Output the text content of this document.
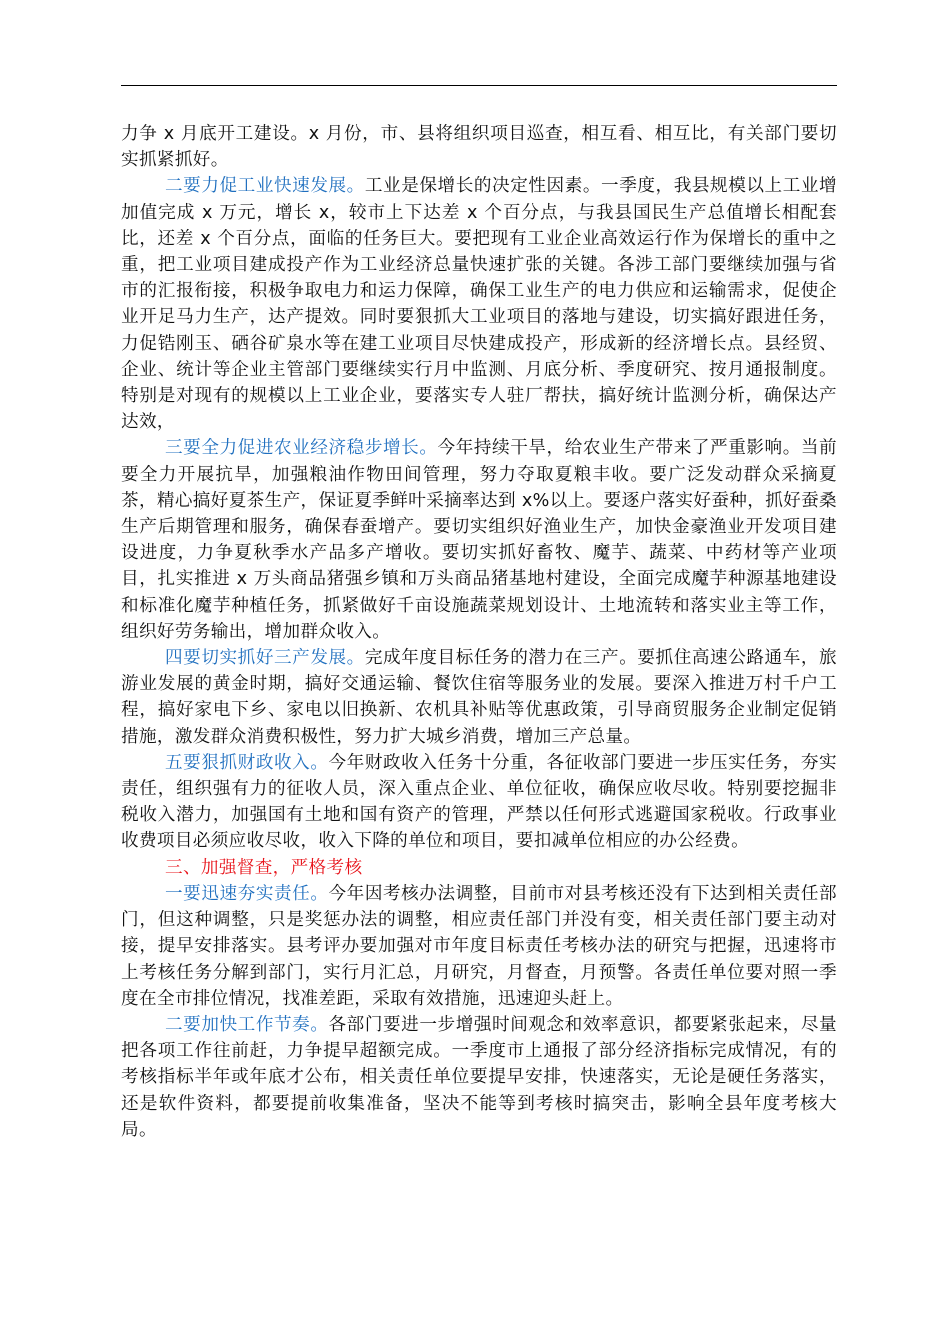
力争 x 月底开工建设。x 月份，市、县将组织项目巡查，相互看、相互比，有关部门要切实抓紧抓好。

二要力促工业快速发展。工业是保增长的决定性因素。一季度，我县规模以上工业增加值完成 x 万元，增长 x，较市上下达差 x 个百分点，与我县国民生产总值增长相配套比，还差 x 个百分点，面临的任务巨大。要把现有工业企业高效运行作为保增长的重中之重，把工业项目建成投产作为工业经济总量快速扩张的关键。各涉工部门要继续加强与省市的汇报衔接，积极争取电力和运力保障，确保工业生产的电力供应和运输需求，促使企业开足马力生产，达产提效。同时要狠抓大工业项目的落地与建设，切实搞好跟进任务，力促锆刚玉、硒谷矿泉水等在建工业项目尽快建成投产，形成新的经济增长点。县经贸、企业、统计等企业主管部门要继续实行月中监测、月底分析、季度研究、按月通报制度。特别是对现有的规模以上工业企业，要落实专人驻厂帮扶，搞好统计监测分析，确保达产达效，

三要全力促进农业经济稳步增长。今年持续干旱，给农业生产带来了严重影响。当前要全力开展抗旱，加强粮油作物田间管理，努力夺取夏粮丰收。要广泛发动群众采摘夏茶，精心搞好夏茶生产，保证夏季鲜叶采摘率达到 x%以上。要逐户落实好蚕种，抓好蚕桑生产后期管理和服务，确保春蚕增产。要切实组织好渔业生产，加快金豪渔业开发项目建设进度，力争夏秋季水产品多产增收。要切实抓好畜牧、魔芋、蔬菜、中药材等产业项目，扎实推进 x 万头商品猪强乡镇和万头商品猪基地村建设，全面完成魔芋种源基地建设和标准化魔芋种植任务，抓紧做好千亩设施蔬菜规划设计、土地流转和落实业主等工作，组织好劳务输出，增加群众收入。

四要切实抓好三产发展。完成年度目标任务的潜力在三产。要抓住高速公路通车，旅游业发展的黄金时期，搞好交通运输、餐饮住宿等服务业的发展。要深入推进万村千户工程，搞好家电下乡、家电以旧换新、农机具补贴等优惠政策，引导商贸服务企业制定促销措施，激发群众消费积极性，努力扩大城乡消费，增加三产总量。

五要狠抓财政收入。今年财政收入任务十分重，各征收部门要进一步压实任务，夯实责任，组织强有力的征收人员，深入重点企业、单位征收，确保应收尽收。特别要挖掘非税收入潜力，加强国有土地和国有资产的管理，严禁以任何形式逃避国家税收。行政事业收费项目必须应收尽收，收入下降的单位和项目，要扣减单位相应的办公经费。

三、加强督查，严格考核

一要迅速夯实责任。今年因考核办法调整，目前市对县考核还没有下达到相关责任部门，但这种调整，只是奖惩办法的调整，相应责任部门并没有变，相关责任部门要主动对接，提早安排落实。县考评办要加强对市年度目标责任考核办法的研究与把握，迅速将市上考核任务分解到部门，实行月汇总，月研究，月督查，月预警。各责任单位要对照一季度在全市排位情况，找准差距，采取有效措施，迅速迎头赶上。

二要加快工作节奏。各部门要进一步增强时间观念和效率意识，都要紧张起来，尽量把各项工作往前赶，力争提早超额完成。一季度市上通报了部分经济指标完成情况，有的考核指标半年或年底才公布，相关责任单位要提早安排，快速落实，无论是硬任务落实，还是软件资料，都要提前收集准备，坚决不能等到考核时搞突击，影响全县年度考核大局。
